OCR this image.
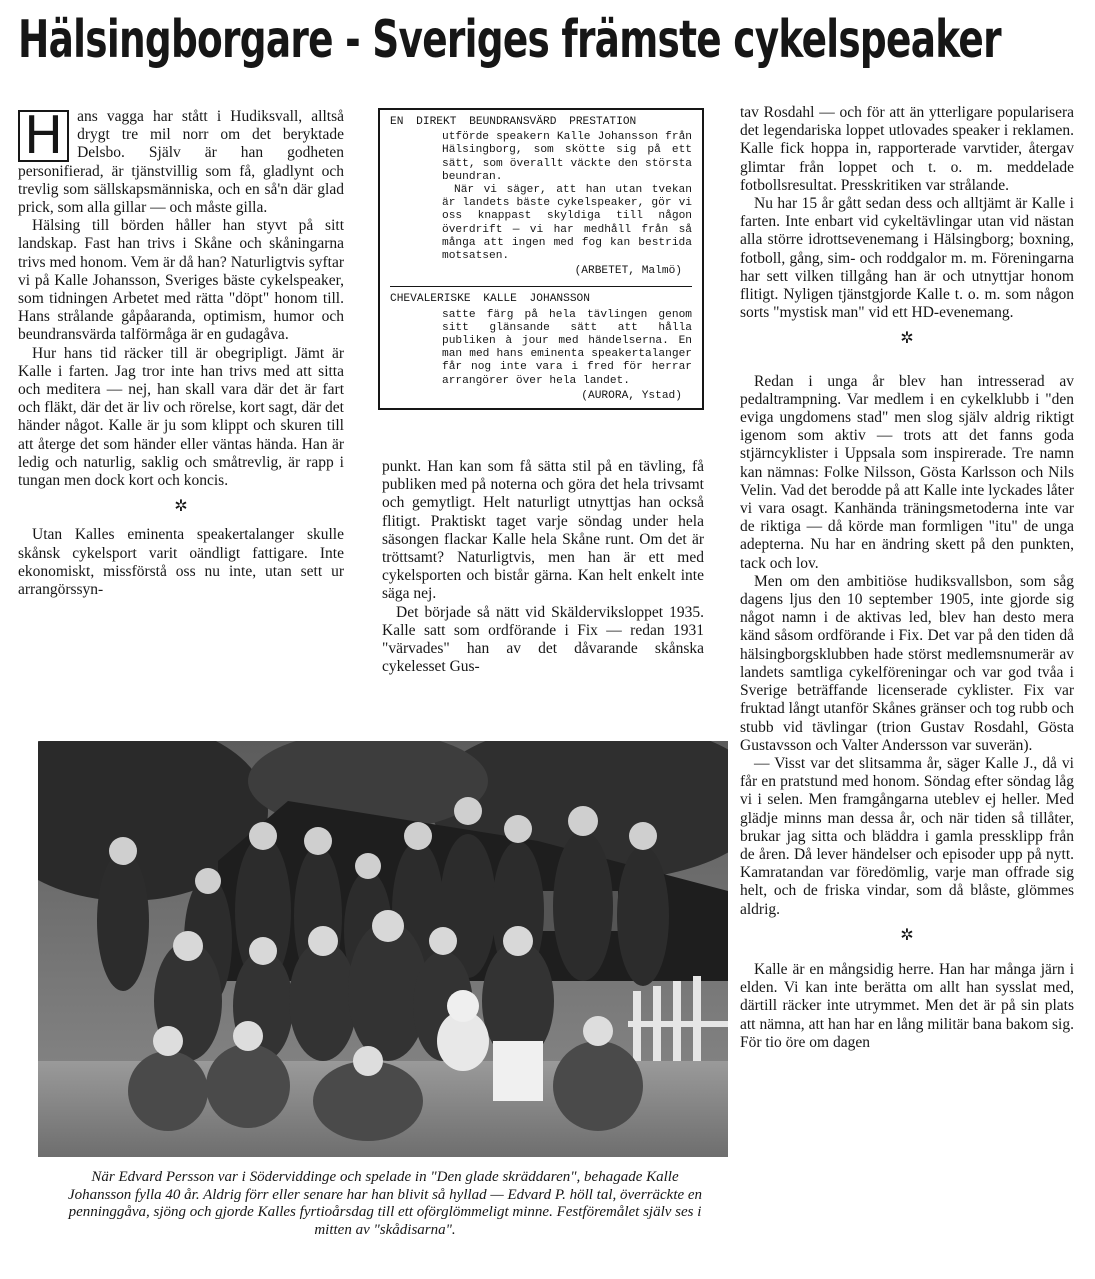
Hälsingborgare - Sveriges främste cykelspeaker
H ans vagga har stått i Hudiksvall, alltså drygt tre mil norr om det beryktade Delsbo. Själv är han godheten personifierad, är tjänstvillig som få, gladlynt och trevlig som sällskapsmänniska, och en så'n där glad prick, som alla gillar — och måste gilla.

Hälsing till börden håller han styvt på sitt landskap. Fast han trivs i Skåne och skåningarna trivs med honom. Vem är då han? Naturligtvis syftar vi på Kalle Johansson, Sveriges bäste cykelspeaker, som tidningen Arbetet med rätta "döpt" honom till. Hans strålande gåpåaranda, optimism, humor och beundransvärda talförmåga är en gudagåva.

Hur hans tid räcker till är obegripligt. Jämt är Kalle i farten. Jag tror inte han trivs med att sitta och meditera — nej, han skall vara där det är fart och fläkt, där det är liv och rörelse, kort sagt, där det händer något. Kalle är ju som klippt och skuren till att återge det som händer eller väntas hända. Han är ledig och naturlig, saklig och småtrevlig, är rapp i tungan men dock kort och koncis.

✲

Utan Kalles eminenta speakertalanger skulle skånsk cykelsport varit oändligt fattigare. Inte ekonomiskt, missförstå oss nu inte, utan sett ur arrangörssyn-

EN DIREKT BEUNDRANSVÄRD PRESTATION
utförde speakern Kalle Johansson från Hälsingborg, som skötte sig på ett sätt, som överallt väckte den största beundran.
När vi säger, att han utan tvekan är landets bäste cykelspeaker, gör vi oss knappast skyldiga till någon överdrift — vi har medhåll från så många att ingen med fog kan bestrida motsatsen.
(ARBETET, Malmö)
CHEVALERISKE KALLE JOHANSSON
satte färg på hela tävlingen genom sitt glänsande sätt att hålla publiken à jour med händelserna. En man med hans eminenta speakertalanger får nog inte vara i fred för herrar arrangörer över hela landet.
(AURORA, Ystad)

punkt. Han kan som få sätta stil på en tävling, få publiken med på noterna och göra det hela trivsamt och gemytligt. Helt naturligt utnyttjas han också flitigt. Praktiskt taget varje söndag under hela säsongen flackar Kalle hela Skåne runt. Om det är tröttsamt? Naturligtvis, men han är ett med cykelsporten och bistår gärna. Kan helt enkelt inte säga nej.

Det började så nätt vid Skälderviksloppet 1935. Kalle satt som ordförande i Fix — redan 1931 "värvades" han av det dåvarande skånska cykelesset Gus-

tav Rosdahl — och för att än ytterligare popularisera det legendariska loppet utlovades speaker i reklamen. Kalle fick hoppa in, rapporterade varvtider, återgav glimtar från loppet och t. o. m. meddelade fotbollsresultat. Presskritiken var strålande.

Nu har 15 år gått sedan dess och alltjämt är Kalle i farten. Inte enbart vid cykeltävlingar utan vid nästan alla större idrottsevenemang i Hälsingborg; boxning, fotboll, gång, sim- och roddgalor m. m. Föreningarna har sett vilken tillgång han är och utnyttjar honom flitigt. Nyligen tjänstgjorde Kalle t. o. m. som någon sorts "mystisk man" vid ett HD-evenemang.

✲

Redan i unga år blev han intresserad av pedaltrampning. Var medlem i en cykelklubb i "den eviga ungdomens stad" men slog själv aldrig riktigt igenom som aktiv — trots att det fanns goda stjärncyklister i Uppsala som inspirerade. Tre namn kan nämnas: Folke Nilsson, Gösta Karlsson och Nils Velin. Vad det berodde på att Kalle inte lyckades låter vi vara osagt. Kanhända träningsmetoderna inte var de riktiga — då körde man formligen "itu" de unga adepterna. Nu har en ändring skett på den punkten, tack och lov.

Men om den ambitiöse hudiksvallsbon, som såg dagens ljus den 10 september 1905, inte gjorde sig något namn i de aktivas led, blev han desto mera känd såsom ordförande i Fix. Det var på den tiden då hälsingborgsklubben hade störst medlemsnumerär av landets samtliga cykelföreningar och var god tvåa i Sverige beträffande licenserade cyklister. Fix var fruktad långt utanför Skånes gränser och tog rubb och stubb vid tävlingar (trion Gustav Rosdahl, Gösta Gustavsson och Valter Andersson var suverän).

— Visst var det slitsamma år, säger Kalle J., då vi får en pratstund med honom. Söndag efter söndag låg vi i selen. Men framgångarna uteblev ej heller. Med glädje minns man dessa år, och när tiden så tillåter, brukar jag sitta och bläddra i gamla pressklipp från de åren. Då lever händelser och episoder upp på nytt. Kamratandan var föredömlig, varje man offrade sig helt, och de friska vindar, som då blåste, glömmes aldrig.

✲

Kalle är en mångsidig herre. Han har många järn i elden. Vi kan inte berätta om allt han sysslat med, därtill räcker inte utrymmet. Men det är på sin plats att nämna, att han har en lång militär bana bakom sig. För tio öre om dagen

När Edvard Persson var i Söderviddinge och spelade in "Den glade skräddaren", behagade Kalle Johansson fylla 40 år. Aldrig förr eller senare har han blivit så hyllad — Edvard P. höll tal, överräckte en penninggåva, sjöng och gjorde Kalles fyrtioårsdag till ett oförglömmeligt minne. Festföremålet själv ses i mitten av "skådisarna".
